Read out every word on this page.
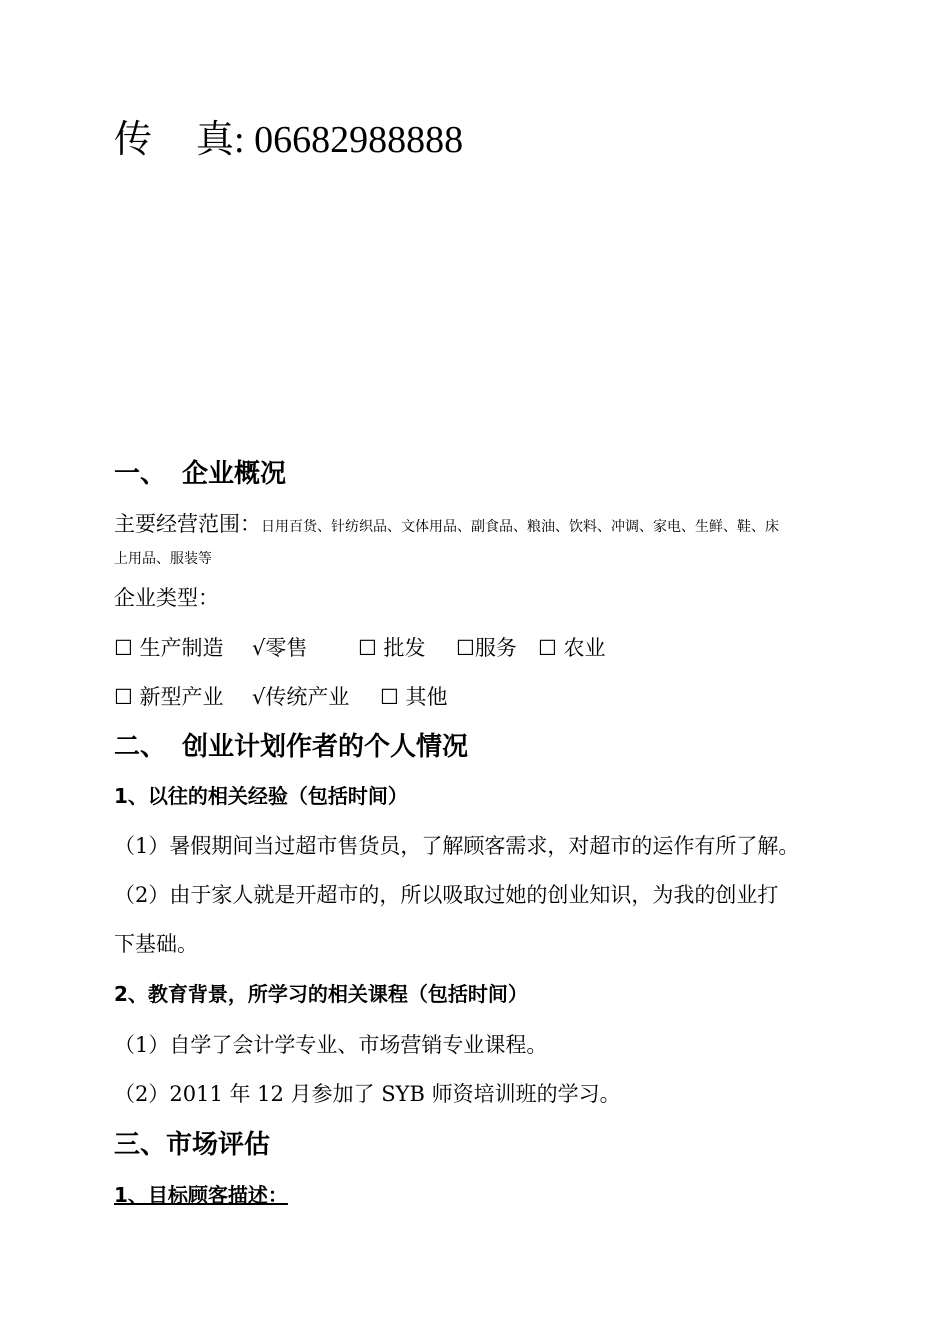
传 真: 06682988888
一、 企业概况
主要经营范围：日用百货、针纺织品、文体用品、副食品、粮油、饮料、冲调、家电、生鲜、鞋、床
上用品、服装等
企业类型：
☐ 生产制造 √零售 ☐ 批发 ☐服务 ☐ 农业
☐ 新型产业 √传统产业 ☐ 其他
二、 创业计划作者的个人情况
1、以往的相关经验（包括时间）
（1）暑假期间当过超市售货员，了解顾客需求，对超市的运作有所了解。
（2）由于家人就是开超市的，所以吸取过她的创业知识，为我的创业打
下基础。
2、教育背景，所学习的相关课程（包括时间）
（1）自学了会计学专业、市场营销专业课程。
（2）2011 年 12 月参加了 SYB 师资培训班的学习。
三、市场评估
1、目标顾客描述：
